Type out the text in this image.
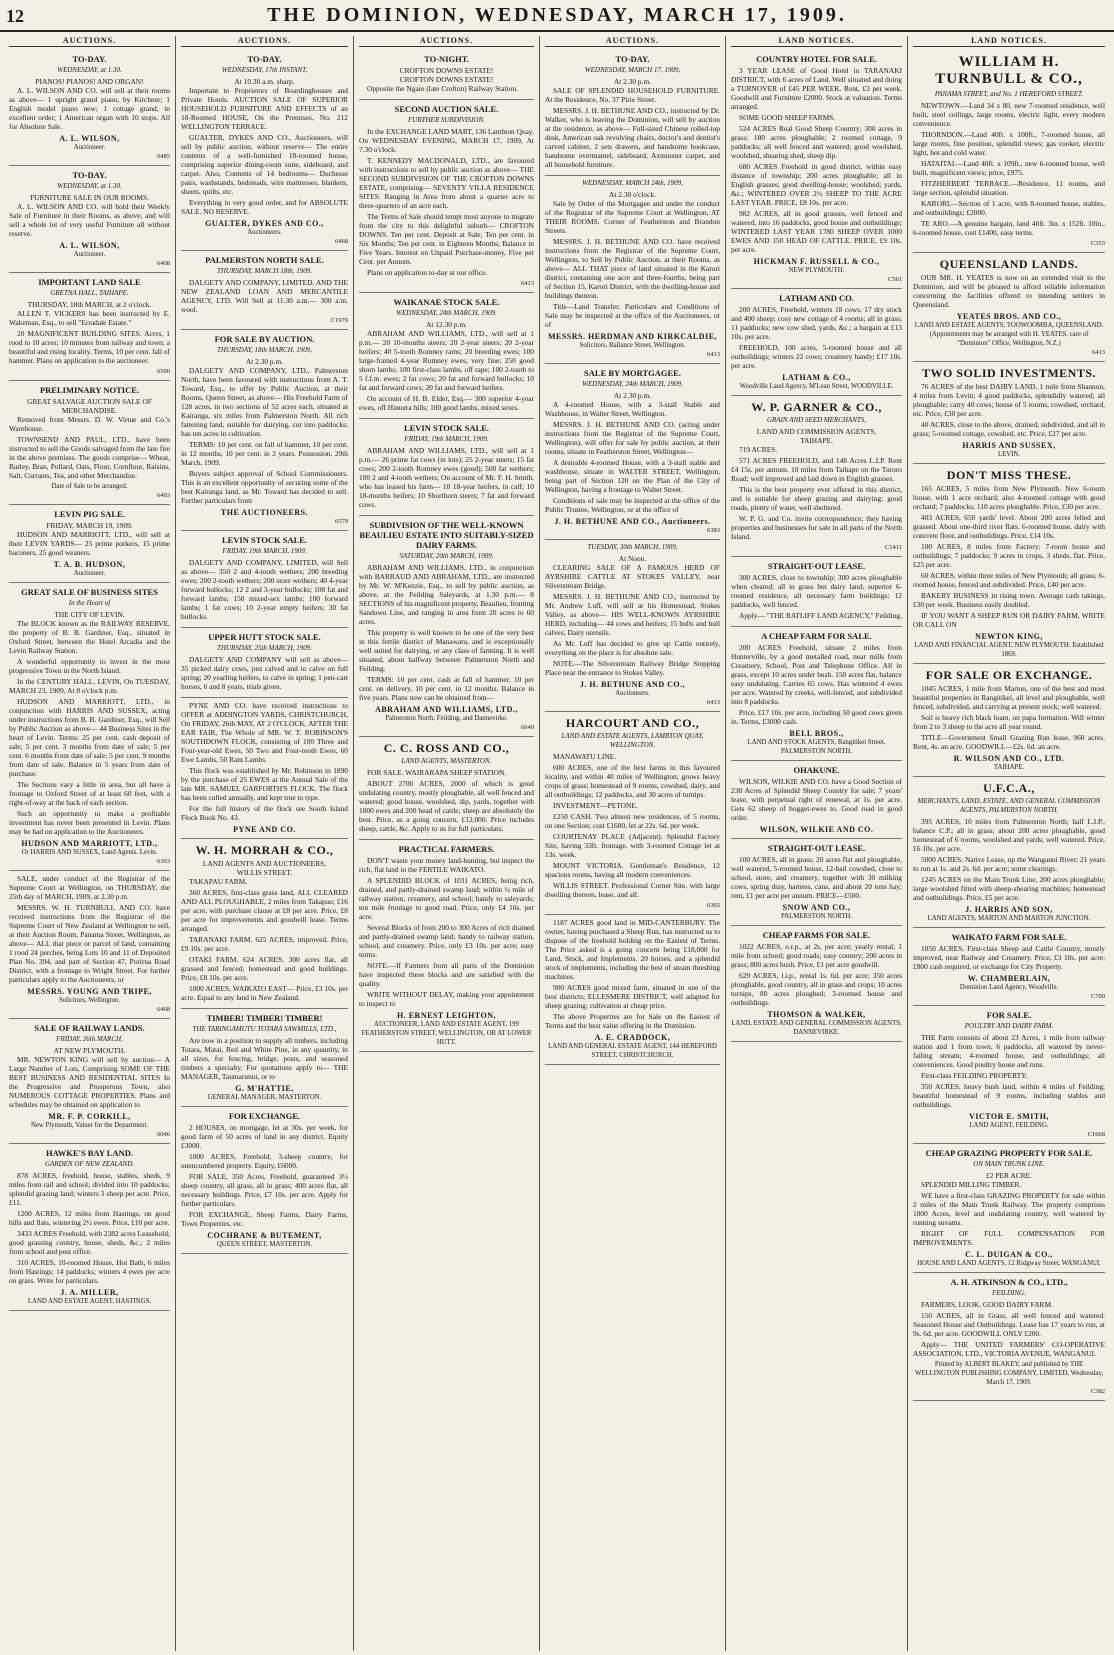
12	THE DOMINION, WEDNESDAY, MARCH 17, 1909.
AUCTIONS.
TO-DAY.
WEDNESDAY, at 1.30.

PIANOS! PIANOS! AND ORGAN!

A. L. WILSON AND CO. will sell at their rooms as above— 1 upright grand piano, by Kirchner; 1 English model piano new; 1 cottage grand, in excellent order; 1 American organ with 10 stops. All for Absolute Sale.

A. L. WILSON,
Auctioneer.
6485
TO-DAY.
WEDNESDAY, at 1.30.

FURNITURE SALE IN OUR ROOMS.

A. L. WILSON AND CO. will hold their Weekly Sale of Furniture in their Rooms, as above, and will sell a whole lot of very useful Furniture all without reserve.

A. L. WILSON,
Auctioneer.
6408
IMPORTANT LAND SALE
GRETNA HALL, TAIHAPE.

THURSDAY, 18th MARCH, at 2 o'clock.

ALLEN T. VICKERS has been instructed by E. Wakeman, Esq., to sell "Erradale Estate."

20 MAGNIFICENT BUILDING SITES. Acres, 1 rood to 10 acres; 10 minutes from railway and town; a beautiful and rising locality. Terms, 10 per cent. fall of hammer. Plans on application to the auctioneer.

6500
PRELIMINARY NOTICE.

GREAT SALVAGE AUCTION SALE OF MERCHANDISE.

Removed from Messrs. D. W. Virtue and Co.'s Warehouse.

TOWNSEND AND PAUL, LTD., have been instructed to sell the Goods salvaged from the late fire in the above premises. The goods comprise— Wheat, Barley, Bran, Pollard, Oats, Flour, Cornflour, Raisins, Salt, Currants, Tea, and other Merchandise.

Date of Sale to be arranged.
6493
LEVIN PIG SALE.

FRIDAY, MARCH 19, 1909.

HUDSON AND MARRIOTT, LTD., will sell at their LEVIN YARDS— 25 prime porkers, 15 prime baconers, 25 good weaners.

T. A. B. HUDSON,
Auctioneer.
GREAT SALE OF BUSINESS SITES
In the Heart of

THE CITY OF LEVIN.

The BLOCK known as the RAILWAY RESERVE, the property of B. B. Gardiner, Esq., situated in Oxford Street, between the Hotel Arcadia and the Levin Railway Station.

A wonderful opportunity to invest in the most progressive Town in the North Island.

In the CENTURY HALL, LEVIN, On TUESDAY, MARCH 23, 1909, At 8 o'clock p.m.

HUDSON AND MARRIOTT, LTD., in conjunction with HARRIS AND SUSSEX, acting under instructions from B. B. Gardiner, Esq., will Sell by Public Auction as above— 44 Business Sites in the heart of Levin. Terms: 25 per cent. cash deposit of sale; 5 per cent. 3 months from date of sale; 5 per cent. 6 months from date of sale; 5 per cent. 9 months from date of sale. Balance in 5 years from date of purchase.

The Sections vary a little in area, but all have a frontage to Oxford Street of at least 60 feet, with a right-of-way at the back of each section.

Such an opportunity to make a profitable investment has never been presented in Levin. Plans may be had on application to the Auctioneers.

HUDSON AND MARRIOTT, LTD.,
Or HARRIS AND SUSSEX, Land Agents. Levin.
6393

SALE, under conduct of the Registrar of the Supreme Court at Wellington, on THURSDAY, the 25th day of MARCH, 1909, at 2.30 p.m.

MESSRS. W. H. TURNBULL AND CO. have received instructions from the Registrar of the Supreme Court of New Zealand at Wellington to sell, at their Auction Room, Panama Street, Wellington, as above— ALL that piece or parcel of land, containing 1 rood 24 perches, being Lots 10 and 11 of Deposited Plan No. 394, and part of Section 47, Porirua Road District, with a frontage to Wright Street. For further particulars apply to the Auctioneers, or

MESSRS. YOUNG AND TRIPE,
Solicitors, Wellington.
6468
SALE OF RAILWAY LANDS.
FRIDAY, 26th MARCH,

AT NEW PLYMOUTH.

MR. NEWTON KING will sell by auction— A Large Number of Lots, Comprising SOME OF THE BEST BUSINESS AND RESIDENTIAL SITES In the Progressive and Prosperous Town, also NUMEROUS COTTAGE PROPERTIES. Plans and schedules may be obtained on application to

MR. F. P. CORKILL,
New Plymouth, Valuer for the Department.
6046
HAWKE'S BAY LAND.
GARDEN OF NEW ZEALAND.

878 ACRES, freehold, house, stables, sheds, 9 miles from rail and school; divided into 10 paddocks; splendid grazing land; winters 3 sheep per acre. Price, £11.

1200 ACRES, 12 miles from Hastings, on good hills and flats, wintering 2½ ewes. Price, £10 per acre.

3433 ACRES Freehold, with 2382 acres Leasehold; good grassing country, house, sheds, &c.; 2 miles from school and post office.

310 ACRES, 10-roomed House, Hot Bath, 6 miles from Hastings; 14 paddocks; winters 4 ewes per acre on grass. Write for particulars.

J. A. MILLER,
LAND AND ESTATE AGENT, HASTINGS.
AUCTIONS.
TO-DAY.
WEDNESDAY, 17th INSTANT,

At 10.30 a.m. sharp.

Important to Proprietors of Boardinghouses and Private Hotels. AUCTION SALE OF SUPERIOR HOUSEHOLD FURNITURE AND EFFECTS of an 18-Roomed HOUSE, On the Premises, No. 212 WELLINGTON TERRACE.

GUALTER, DYKES AND CO., Auctioneers, will sell by public auction, without reserve— The entire contents of a well-furnished 18-roomed house, comprising superior dining-room suite, sideboard, and carpet. Also, Contents of 14 bedrooms— Duchesse pairs, washstands, bedsteads, wire mattresses, blankets, sheets, quilts, etc.

Everything in very good order, and for ABSOLUTE SALE. NO RESERVE.

GUALTER, DYKES AND CO.,
Auctioneers.
6468
PALMERSTON NORTH SALE.
THURSDAY, MARCH 18th, 1909.

DALGETY AND COMPANY, LIMITED, AND THE NEW ZEALAND LOAN AND MERCANTILE AGENCY, LTD. Will Sell at 11.30 a.m.— 300 a.m. wool.

C1979
FOR SALE BY AUCTION.
THURSDAY, 18th MARCH, 1909,

At 2.30 p.m.

DALGETY AND COMPANY, LTD., Palmerston North, have been favoured with instructions from A. T. Toward, Esq., to offer by Public Auction, at their Rooms, Queen Street, as above— His Freehold Farm of 128 acres, in two sections of 52 acres each, situated at Kairanga, six miles from Palmerston North. All rich fattening land, suitable for dairying, cut into paddocks; has ten acres in cultivation.

TERMS: 10 per cent. on fall of hammer, 10 per cent. in 12 months, 10 per cent. in 2 years. Possession, 29th March, 1909.

Buyers subject approval of School Commissioners. This is an excellent opportunity of securing some of the best Kairanga land, as Mr. Toward has decided to sell. Further particulars from

THE AUCTIONEERS.
6579
LEVIN STOCK SALE.
FRIDAY, 19th MARCH, 1909.

DALGETY AND COMPANY, LIMITED, will Sell as above— 350 2 and 4-tooth wethers; 200 breeding ewes; 200 2-tooth wethers; 200 store wethers; 40 4-year forward bullocks; 12 2 and 3-year bullocks; 100 fat and forward lambs; 150 mixed-sex lambs; 100 forward lambs; 1 fat cows; 10 2-year empty heifers; 30 fat bullocks.

UPPER HUTT STOCK SALE.
THURSDAY, 25th MARCH, 1909.

DALGETY AND COMPANY will sell as above— 35 picked dairy cows, just calved and to calve on full spring; 20 yearling heifers, to calve in spring; 1 pen-cart horses, 6 and 8 years, trials given.

PYNE AND CO. have received instructions to OFFER at ADDINGTON YARDS, CHRISTCHURCH, On FRIDAY, 26th MAY, AT 2 O'CLOCK, AFTER THE EAR FAIR, The Whole of MR. W. T. ROBINSON'S SOUTHDOWN FLOCK, consisting of 100 Three and Four-year-old Ewes, 50 Two and Four-tooth Ewes, 60 Ewe Lambs, 50 Ram Lambs.

This flock was established by Mr. Robinson in 1890 by the purchase of 25 EWES at the Annual Sale of the late MR. SAMUEL GARFORTH'S FLOCK. The flock has been culled annually, and kept true to type.

For the full history of the flock see South Island Flock Book No. 43.

PYNE AND CO.
W. H. MORRAH & CO.,

LAND AGENTS AND AUCTIONEERS,

WILLIS STREET.

TAKAPAU FARM.

360 ACRES, first-class grass land, ALL CLEARED AND ALL PLOUGHABLE, 2 miles from Takapau; £16 per acre, with purchase clause at £8 per acre. Price, £8 per acre for improvements and goodwill lease. Terms arranged.

TARANAKI FARM. 625 ACRES, improved. Price, £9 10s. per acre.

OTAKI FARM. 624 ACRES, 300 acres flat, all grassed and fenced; homestead and good buildings. Price, £8 10s. per acre.

1000 ACRES, WAIKATO EAST— Price, £3 10s. per acre. Equal to any land in New Zealand.

TIMBER! TIMBER! TIMBER!
THE TARINGAMUTU TOTARA SAWMILLS, LTD.,

Are now in a position to supply all timbers, including Totara, Matai, Red and White Pine, in any quantity, in all sizes, for fencing, bridge, posts, and seasoned timbers a specialty. For quotations apply to— THE MANAGER, Taumarunui, or to

G. M'HATTIE,
GENERAL MANAGER, MASTERTON.
FOR EXCHANGE.

2 HOUSES, on mortgage, let at 30s. per week, for good farm of 50 acres of land in any district. Equity £3000.

1000 ACRES, Freehold, 3-sheep country, for unencumbered property. Equity, £6000.

FOR SALE, 350 Acres, Freehold, guaranteed 3½ sheep country, all grass, all in grass; 400 acres flat, all necessary buildings. Price, £7 10s. per acre. Apply for further particulars.

FOR EXCHANGE, Sheep Farms, Dairy Farms, Town Properties, etc.

COCHRANE & BUTEMENT,
QUEEN STREET, MASTERTON.
AUCTIONS.
TO-NIGHT.

CROFTON DOWNS ESTATE!

CROFTON DOWNS ESTATE!

Opposite the Ngaio (late Crofton) Railway Station.

SECOND AUCTION SALE.
FURTHER SUBDIVISION.

In the EXCHANGE LAND MART, 136 Lambton Quay, On WEDNESDAY EVENING, MARCH 17, 1909, At 7.30 o'clock.

T. KENNEDY MACDONALD, LTD., are favoured with instructions to sell by public auction as above— THE SECOND SUBDIVISION OF THE CROFTON DOWNS ESTATE, comprising— SEVENTY VILLA RESIDENCE SITES. Ranging in Area from about a quarter acre to three-quarters of an acre each.

The Terms of Sale should tempt most anyone to migrate from the city to this delightful suburb— CROFTON DOWNS. Ten per cent. Deposit at Sale; Ten per cent. in Six Months; Ten per cent. in Eighteen Months; Balance in Five Years. Interest on Unpaid Purchase-money, Five per Cent. per Annum.

Plans on application to-day at our office.

6413
WAIKANAE STOCK SALE.
WEDNESDAY, 24th MARCH, 1909.

At 12.30 p.m.

ABRAHAM AND WILLIAMS, LTD., will sell at 1 p.m.— 20 10-months steers; 20 2-year steers; 20 2-year heifers; 40 5-tooth Romney rams; 20 breeding ewes; 100 large-framed 4-year Romney ewes, very fine; 250 good shorn lambs; 100 first-class lambs, off rape; 100 2-tooth to 5 f.f.m. ewes; 2 fat cows; 20 fat and forward bullocks; 10 fat and forward cows; 20 fat and forward heifers.

On account of H. B. Elder, Esq.— 300 superior 4-year ewes, off Hinuera hills; 100 good lambs, mixed sexes.

LEVIN STOCK SALE.
FRIDAY, 19th MARCH, 1909.

ABRAHAM AND WILLIAMS, LTD., will sell at 1 p.m.— 26 prime fat cows (in lots); 25 2-year steers; 15 fat cows; 200 2-tooth Romney ewes (good); 500 fat wethers; 100 2 and 4-tooth wethers; On account of Mr. F. H. Smith, who has leased his farm— 10 18-year heifers, in calf; 10 18-months heifers; 10 Shorthorn steers; 7 fat and forward cows.

SUBDIVISION OF THE WELL-KNOWN BEAULIEU ESTATE INTO SUITABLY-SIZED DAIRY FARMS.
SATURDAY, 20th MARCH, 1909.

ABRAHAM AND WILLIAMS, LTD., in conjunction with BARRAUD AND ABRAHAM, LTD., are instructed by Mr. W. M'Kenzie, Esq., to sell by public auction, as above, at the Feilding Saleyards, at 1.30 p.m.— 8 SECTIONS of his magnificent property, Beaulieu, fronting Sandown Line, and ranging in area from 20 acres to 60 acres.

This property is well known to be one of the very best in this fertile district of Manawatu, and is exceptionally well suited for dairying, or any class of farming. It is well situated, about halfway between Palmerston North and Feilding.

TERMS: 10 per cent. cash at fall of hammer, 10 per cent. on delivery, 10 per cent. in 12 months. Balance in five years. Plans now can be obtained from—

ABRAHAM AND WILLIAMS, LTD.,
Palmerston North, Feilding, and Dannevirke.
6649
C. C. ROSS AND CO.,
LAND AGENTS, MASTERTON.

FOR SALE. WAIRARAPA SHEEP STATION.

ABOUT 2700 ACRES, 2000 of which is good undulating country, mostly ploughable, all well fenced and watered; good house, woolshed, dip, yards, together with 1000 ewes and 200 head of cattle; sheep are absolutely the best. Price, as a going concern, £12,000. Price includes sheep, cattle, &c. Apply to us for full particulars.

PRACTICAL FARMERS.

DON'T waste your money land-hunting, but inspect the rich, flat land in the FERTILE WAIKATO.

A SPLENDID BLOCK of 1031 ACRES, being rich, drained, and partly-drained swamp land; within ½ mile of railway station, creamery, and school; handy to saleyards; ten mile frontage to good road. Price, only £4 10s. per acre.

Several Blocks of from 200 to 300 Acres of rich drained and partly-drained swamp land; handy to railway station, school, and creamery. Price, only £3 10s. per acre; easy terms.

NOTE.—If Farmers from all parts of the Dominion have inspected these blocks and are satisfied with the quality.

WRITE WITHOUT DELAY, making your appointment to inspect to

H. ERNEST LEIGHTON,
AUCTIONEER, LAND AND ESTATE AGENT, 199 FEATHERSTON STREET, WELLINGTON, OR AT LOWER HUTT.
AUCTIONS.
TO-DAY.
WEDNESDAY, MARCH 17, 1909,

At 2.30 p.m.

SALE OF SPLENDID HOUSEHOLD FURNITURE. At the Residence, No. 37 Pirie Street.

MESSRS. J. H. BETHUNE AND CO., instructed by Dr. Walker, who is leaving the Dominion, will sell by auction at the residence, as above— Full-sized Chinese rolled-top desk, American oak revolving chairs, doctor's and dentist's carved cabinet, 2 sets drawers, and handsome bookcase, handsome overmantel, sideboard, Axminster carpet, and all household furniture.

WEDNESDAY, MARCH 24th, 1909,

At 2.30 o'clock.

Sale by Order of the Mortgagee and under the conduct of the Registrar of the Supreme Court at Wellington, AT THEIR ROOMS, Corner of Featherston and Brandon Streets.

MESSRS. J. H. BETHUNE AND CO. have received instructions from the Registrar of the Supreme Court, Wellington, to Sell by Public Auction, at their Rooms, as above— ALL THAT piece of land situated in the Karori district, containing one acre and three-fourths, being part of Section 15, Karori District, with the dwelling-house and buildings thereon.

Title—Land Transfer. Particulars and Conditions of Sale may be inspected at the office of the Auctioneers, or of

MESSRS. HERDMAN AND KIRKCALDIE,
Solicitors, Ballance Street, Wellington.
6413
SALE BY MORTGAGEE.
WEDNESDAY, 24th MARCH, 1909,

At 2.30 p.m.

A 4-roomed House, with a 3-stall Stable and Washhouse, in Walter Street, Wellington.

MESSRS. J. H. BETHUNE AND CO. (acting under instructions from the Registrar of the Supreme Court, Wellington), will offer for sale by public auction, at their rooms, situate in Featherston Street, Wellington—

A desirable 4-roomed House, with a 3-stall stable and washhouse, situate in WALTER STREET, Wellington, being part of Section 120 on the Plan of the City of Wellington, having a frontage to Walter Street.

Conditions of sale may be inspected at the office of the Public Trustee, Wellington, or at the office of

J. H. BETHUNE AND CO., Auctioneers.
6383
TUESDAY, 30th MARCH, 1909,

At Noon.

CLEARING SALE OF A FAMOUS HERD OF AYRSHIRE CATTLE AT STOKES VALLEY, near Silverstream Bridge.

MESSRS. J. H. BETHUNE AND CO., instructed by Mr. Andrew Luff, will sell at his Homestead, Stokes Valley, as above— HIS WELL-KNOWN AYRSHIRE HERD, including— 44 cows and heifers; 15 bulls and bull calves; Dairy utensils.

As Mr. Luff has decided to give up Cattle entirely, everything on the place is for absolute sale.

NOTE.—The Silverstream Railway Bridge Stopping Place near the entrance to Stokes Valley.

J. H. BETHUNE AND CO.,
Auctioneers.
6413
HARCOURT AND CO.,
LAND AND ESTATE AGENTS, LAMBTON QUAY, WELLINGTON.

MANAWATU LINE.

600 ACRES, one of the best farms in this favoured locality, and within 40 miles of Wellington; grows heavy crops of grass; homestead of 9 rooms, cowshed, dairy, and all outbuildings; 12 paddocks, and 30 acres of turnips.

INVESTMENT—PETONE.

£250 CASH. Two almost new residences, of 5 rooms, on one Section; cost £1600, let at 22s. 6d. per week.

COURTENAY PLACE (Adjacent). Splendid Factory Site, having 33ft. frontage, with 3-roomed Cottage let at 13s. week.

MOUNT VICTORIA. Gentleman's Residence, 12 spacious rooms, having all modern conveniences.

WILLIS STREET. Professional Corner Site, with large dwelling thereon, lease, and all.

6365

1187 ACRES good land in MID-CANTERBURY. The owner, having purchased a Sheep Run, has instructed us to dispose of the freehold holding on the Easiest of Terms. The Price asked is a going concern being £18,000 for Land, Stock, and Implements. 20 horses, and a splendid stock of implements, including the best of steam threshing machines.

900 ACRES good mixed farm, situated in one of the best districts; ELLESMERE DISTRICT, well adapted for sheep grazing; cultivation at cheap price.

The above Properties are for Sale on the Easiest of Terms and the best value offering in the Dominion.

A. E. CRADDOCK,
LAND AND GENERAL ESTATE AGENT, 144 HEREFORD STREET, CHRISTCHURCH.
LAND NOTICES.
COUNTRY HOTEL FOR SALE.

3 YEAR LEASE of Good Hotel in TARANAKI DISTRICT, with 6 acres of Land. Well situated and doing a TURNOVER of £45 PER WEEK. Rent, £3 per week. Goodwill and Furniture £2000. Stock at valuation. Terms arranged.

SOME GOOD SHEEP FARMS.

524 ACRES Real Good Sheep Country; 300 acres in grass; 180 acres ploughable; 2 roomed cottage, 9 paddocks; all well fenced and watered; good woolshed, woolshed, shearing shed, sheep dip.

680 ACRES Freehold in good district, within easy distance of township; 200 acres ploughable; all in English grasses; good dwelling-house; woolshed; yards, &c.; WINTERED OVER 2½ SHEEP TO THE ACRE LAST YEAR. PRICE, £8 10s. per acre.

982 ACRES, all in good grasses, well fenced and watered, into 16 paddocks, good house and outbuildings; WINTERED LAST YEAR 1780 SHEEP OVER 1000 EWES AND 150 HEAD OF CATTLE. PRICE, £9 10s. per acre.

HICKMAN F. RUSSELL & CO.,
NEW PLYMOUTH.
C561
LATHAM AND CO.

200 ACRES, Freehold, winters 18 cows, 17 dry stock and 400 sheep; cosy new cottage of 4 rooms; all in grass; 11 paddocks; new cow shed, yards, &c.; a bargain at £13 10s. per acre.

FREEHOLD, 100 acres, 5-roomed house and all outbuildings; winters 22 cows; creamery handy; £17 10s. per acre.

LATHAM & CO.,
Woodville Land Agency, M'Lean Street, WOODVILLE.
W. P. GARNER & CO.,
GRAIN AND SEED MERCHANTS,

LAND AND COMMISSION AGENTS,

TAIHAPE.

719 ACRES.

571 ACRES FREEHOLD, and 148 Acres L.I.P. Rent £4 15s. per annum. 10 miles from Taihape on the Turoro Road; well improved and laid down in English grasses.

This is the best property ever offered in this district, and is suitable for sheep grazing and dairying; good roads, plenty of water, well sheltered.

W. P. G. and Co. invite correspondence; they having properties and businesses for sale in all parts of the North Island.

C1411
STRAIGHT-OUT LEASE.

300 ACRES, close to township; 300 acres ploughable when cleared; all in grass but dairy land; superior 6-roomed residence, all necessary farm buildings; 12 paddocks, well fenced.

Apply— "THE RATLIFF LAND AGENCY," Feilding.

A CHEAP FARM FOR SALE.

200 ACRES Freehold, situate 2 miles from Hunterville, by a good metalled road, near mills from Creamery, School, Post and Telephone Office. All in grass, except 10 acres under bush. 150 acres flat, balance easy undulating. Carries 65 cows. Has wintered 4 ewes per acre. Watered by creeks, well-fenced, and subdivided into 8 paddocks.

Price, £17 10s. per acre, including 50 good cows given in. Terms, £3000 cash.

BELL BROS.,
LAND AND STOCK AGENTS, Rangitikei Street, PALMERSTON NORTH.
OHAKUNE.

WILSON, WILKIE AND CO. have a Good Section of 238 Acres of Splendid Sheep Country for sale; 7 years' lease, with perpetual right of renewal, at 1s. per acre. Gets 62 sheep of hogget-ewes to. Good road in good order.

WILSON, WILKIE AND CO.
STRAIGHT-OUT LEASE.

100 ACRES, all in grass; 20 acres flat and ploughable, well watered, 5-roomed house, 12-bail cowshed, close to school, store, and creamery, together with 30 milking cows, spring dray, harness, cans, and about 20 tons hay; rent, £1 per acre per annum. PRICE—£500.

SNOW AND CO.,
PALMERSTON NORTH.
CHEAP FARMS FOR SALE.

1022 ACRES, o.r.p., at 2s. per acre; yearly rental; 1 mile from school; good roads; easy country; 200 acres in grass; 800 acres bush. Price, £1 per acre goodwill.

629 ACRES, l.i.p., rental 1s. 6d. per acre; 350 acres ploughable, good country, all in grass and crops; 10 acres turnips, 80 acres ploughed; 3-roomed house and outbuildings.

THOMSON & WALKER,
LAND, ESTATE AND GENERAL COMMISSION AGENTS, DANNEVIRKE.
LAND NOTICES.
WILLIAM H. TURNBULL & CO.,
PANAMA STREET, and No. 1 HEREFORD STREET.

NEWTOWN.—Land 34 x 80, new 7-roomed residence, well built, steel ceilings, large rooms, electric light, every modern convenience.

THORNDON.—Land 40ft. x 100ft., 7-roomed house, all large rooms, fine position, splendid views; gas cooker, electric light, hot and cold water.

HATAITAI.—Land 40ft. x 109ft., new 6-roomed house, well built, magnificent views; price, £975.

FITZHERBERT TERRACE.—Residence, 11 rooms, and large section, splendid situation.

KARORI.—Section of 1 acre, with 8-roomed house, stables, and outbuildings; £2000.

TE ARO.—A genuine bargain, land 40ft. 3in. x 152ft. 10in., 6-roomed house, cost £1400, easy terms.

C353
QUEENSLAND LANDS.

OUR MR. H. YEATES is now on an extended visit to the Dominion, and will be pleased to afford reliable information concerning the facilities offered to intending settlers in Queensland.

YEATES BROS. AND CO.,
LAND AND ESTATE AGENTS, TOOWOOMBA, QUEENSLAND. (Appointments may be arranged with H. YEATES, care of "Dominion" Office, Wellington, N.Z.)
6413
TWO SOLID INVESTMENTS.

76 ACRES of the best DAIRY LAND, 1 mile from Shannon, 4 miles from Levin; 4 good paddocks, splendidly watered; all ploughable; carry 40 cows; house of 5 rooms, cowshed, orchard, etc. Price, £30 per acre.

40 ACRES, close to the above, drained, subdivided, and all in grass; 5-roomed cottage, cowshed, etc. Price, £27 per acre.

HARRIS AND SUSSEX,
LEVIN.
DON'T MISS THESE.

165 ACRES, 5 miles from New Plymouth. New 6-room house, with 1 acre orchard; also 4-roomed cottage with good orchard; 7 paddocks; 110 acres ploughable. Price, £30 per acre.

403 ACRES, 650 yards' level. About 200 acres felled and grassed. About one-third river flats. 6-roomed house, dairy with concrete floor, and outbuildings. Price, £14 10s.

100 ACRES, 8 miles from Factory; 7-room house and outbuildings; 7 paddocks; 9 acres in crops, 3 sheds, flat. Price, £25 per acre.

60 ACRES, within three miles of New Plymouth; all grass; 6-roomed house, fenced and subdivided. Price, £40 per acre.

BAKERY BUSINESS in rising town. Average cash takings, £30 per week. Business easily doubled.

IF YOU WANT A SHEEP RUN OR DAIRY FARM, WRITE OR CALL ON

NEWTON KING,
LAND AND FINANCIAL AGENT, NEW PLYMOUTH. Established 1869.
FOR SALE OR EXCHANGE.

1045 ACRES, 1 mile from Marton, one of the best and most beautiful properties in Rangitikei, all level and ploughable, well fenced, subdivided, and carrying at present stock; well watered.

Soil is heavy rich black loam, on papa formation. Will winter from 2 to 3 sheep to the acre all year round.

TITLE—Government Small Grazing Run lease, 960 acres. Rent, 4s. an acre. GOODWILL—£2s. 6d. an acre.

R. WILSON AND CO., LTD.
TAIHAPE.
U.F.C.A.,
MERCHANTS, LAND, ESTATE, AND GENERAL COMMISSION AGENTS, PALMERSTON NORTH.

395 ACRES, 10 miles from Palmerston North; half L.I.P., balance C.P.; all in grass; about 200 acres ploughable, good homestead of 6 rooms, woolshed and yards; well watered. Price, £6 10s. per acre.

5000 ACRES, Native Lease, up the Wanganui River; 21 years to run at 1s. and 2s. 6d. per acre; some clearings.

1245 ACRES on the Main Trunk Line, 200 acres ploughable; large woolshed fitted with sheep-shearing machines; homestead and outbuildings. Price, £5 per acre.

J. HARRIS AND SON,
LAND AGENTS, MARTON AND MARTON JUNCTION.
WAIKATO FARM FOR SALE.

1850 ACRES, First-class Sheep and Cattle Country, mostly improved, near Railway and Creamery. Price, £3 10s. per acre; £800 cash required, or exchange for City Property.

W. CHAMBERLAIN,
Dominion Land Agency, Woodville.
C700
FOR SALE.
POULTRY AND DAIRY FARM.

THE Farm consists of about 23 Acres, 1 mile from railway station and 1 from town, 6 paddocks, all watered by never-failing stream; 4-roomed house, and outbuildings; all conveniences. Good poultry house and runs.

First-class FEILDING PROPERTY.

350 ACRES, heavy bush land, within 4 miles of Feilding; beautiful homestead of 9 rooms, including stables and outbuildings.

VICTOR E. SMITH,
LAND AGENT, FEILDING.
C1668
CHEAP GRAZING PROPERTY FOR SALE.
ON MAIN TRUNK LINE.

£2 PER ACRE.

SPLENDID MILLING TIMBER.

WE have a first-class GRAZING PROPERTY for sale within 2 miles of the Main Trunk Railway. The property comprises 1800 Acres, level and undulating country, well watered by running streams.

RIGHT OF FULL COMPENSATION FOR IMPROVEMENTS.

C. L. DUIGAN & CO.,
HOUSE AND LAND AGENTS, 12 Ridgway Street, WANGANUI.
A. H. ATKINSON & CO., LTD.,
FEILDING.

FARMERS, LOOK. GOOD DAIRY FARM.

150 ACRES, all in Grass, all well fenced and watered. Seasoned House and Outbuildings. Lease has 17 years to run, at 9s. 6d. per acre. GOODWILL ONLY £200.

Apply— THE UNITED FARMERS' CO-OPERATIVE ASSOCIATION, LTD., VICTORIA AVENUE, WANGANUI.

Printed by ALBERT BLAKEY, and published by THE WELLINGTON PUBLISHING COMPANY, LIMITED, Wednesday, March 17, 1909.
C382
